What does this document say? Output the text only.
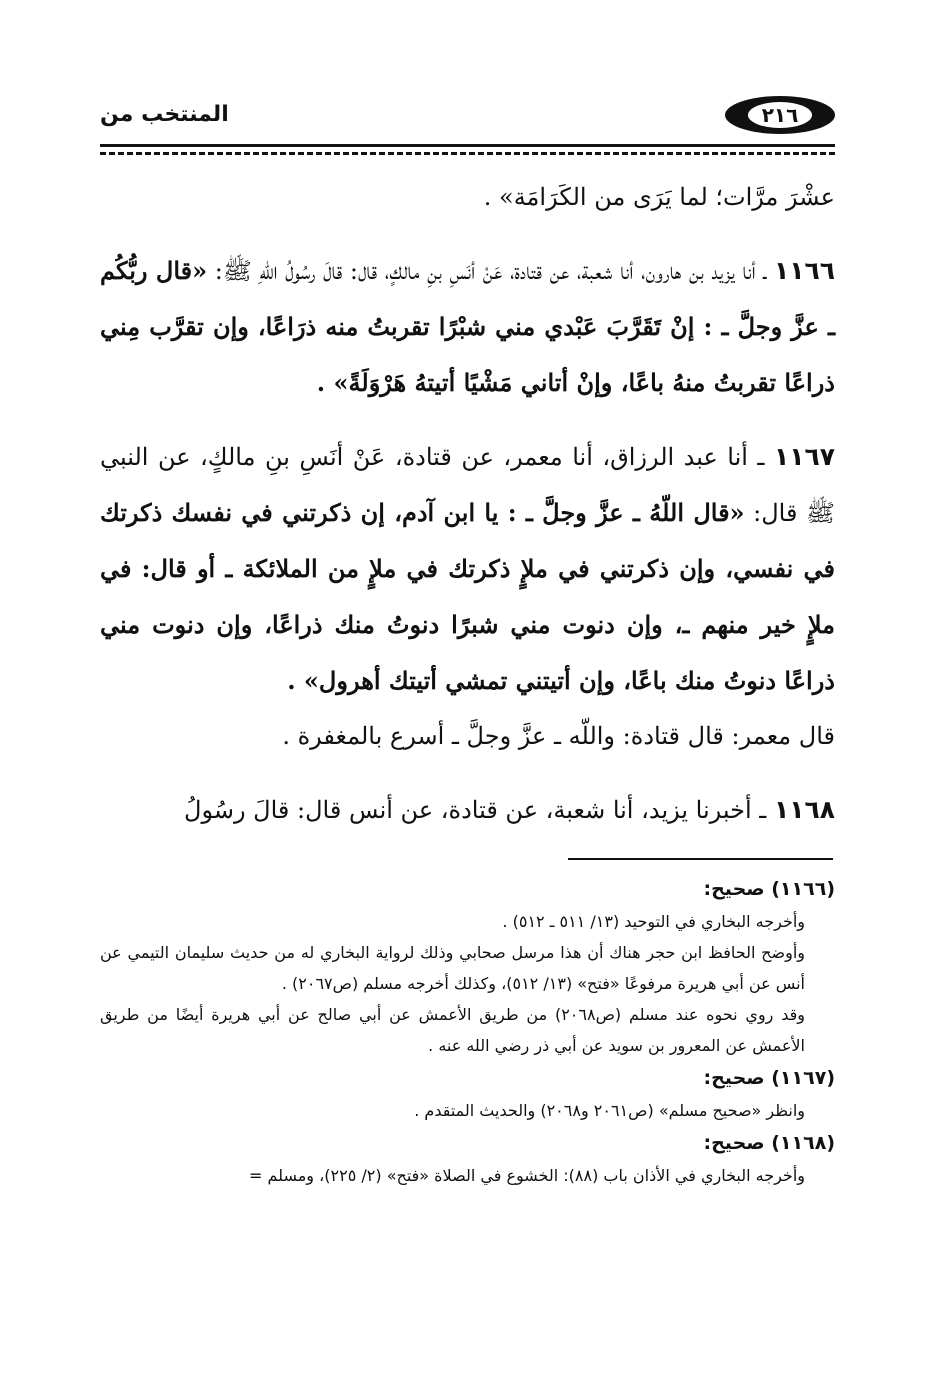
٢١٦
المنتخب من

عشْرَ مرَّات؛ لما يَرَى من الكَرَامَة» .

١١٦٦ ـ أنا يزيد بن هارون، أنا شعبة، عن قتادة، عَنْ أنَسِ بنِ مالكٍ، قال: قالَ رسُولُ اللّهِ ﷺ: «قال ربُّكُم ـ عزَّ وجلَّ ـ : إنْ تَقَرَّبَ عَبْدي مني شبْرًا تقربتُ منه ذرَاعًا، وإن تقرَّب مِني ذراعًا تقربتُ منهُ باعًا، وإنْ أتاني مَشْيًا أتيتهُ هَرْوَلَةً» .

١١٦٧ ـ أنا عبد الرزاق، أنا معمر، عن قتادة، عَنْ أنَسِ بنِ مالكٍ، عن النبي ﷺ قال: «قال اللّهُ ـ عزَّ وجلَّ ـ : يا ابن آدم، إن ذكرتني في نفسك ذكرتك في نفسي، وإن ذكرتني في ملإٍ ذكرتك في ملإٍ من الملائكة ـ أو قال: في ملإٍ خير منهم ـ، وإن دنوت مني شبرًا دنوتُ منك ذراعًا، وإن دنوت مني ذراعًا دنوتُ منك باعًا، وإن أتيتني تمشي أتيتك أهرول» .

قال معمر: قال قتادة: واللّه ـ عزَّ وجلَّ ـ أسرع بالمغفرة .

١١٦٨ ـ أخبرنا يزيد، أنا شعبة، عن قتادة، عن أنس قال: قالَ رسُولُ

(١١٦٦) صحيح:

وأخرجه البخاري في التوحيد (١٣/ ٥١١ ـ ٥١٢) .

وأوضح الحافظ ابن حجر هناك أن هذا مرسل صحابي وذلك لرواية البخاري له من حديث سليمان التيمي عن أنس عن أبي هريرة مرفوعًا «فتح» (١٣/ ٥١٢)، وكذلك أخرجه مسلم (ص٢٠٦٧) .

وقد روي نحوه عند مسلم (ص٢٠٦٨) من طريق الأعمش عن أبي صالح عن أبي هريرة أيضًا من طريق الأعمش عن المعرور بن سويد عن أبي ذر رضي الله عنه .

(١١٦٧) صحيح:

وانظر «صحيح مسلم» (ص٢٠٦١ و٢٠٦٨) والحديث المتقدم .

(١١٦٨) صحيح:

وأخرجه البخاري في الأذان باب (٨٨): الخشوع في الصلاة «فتح» (٢/ ٢٢٥)، ومسلم =
